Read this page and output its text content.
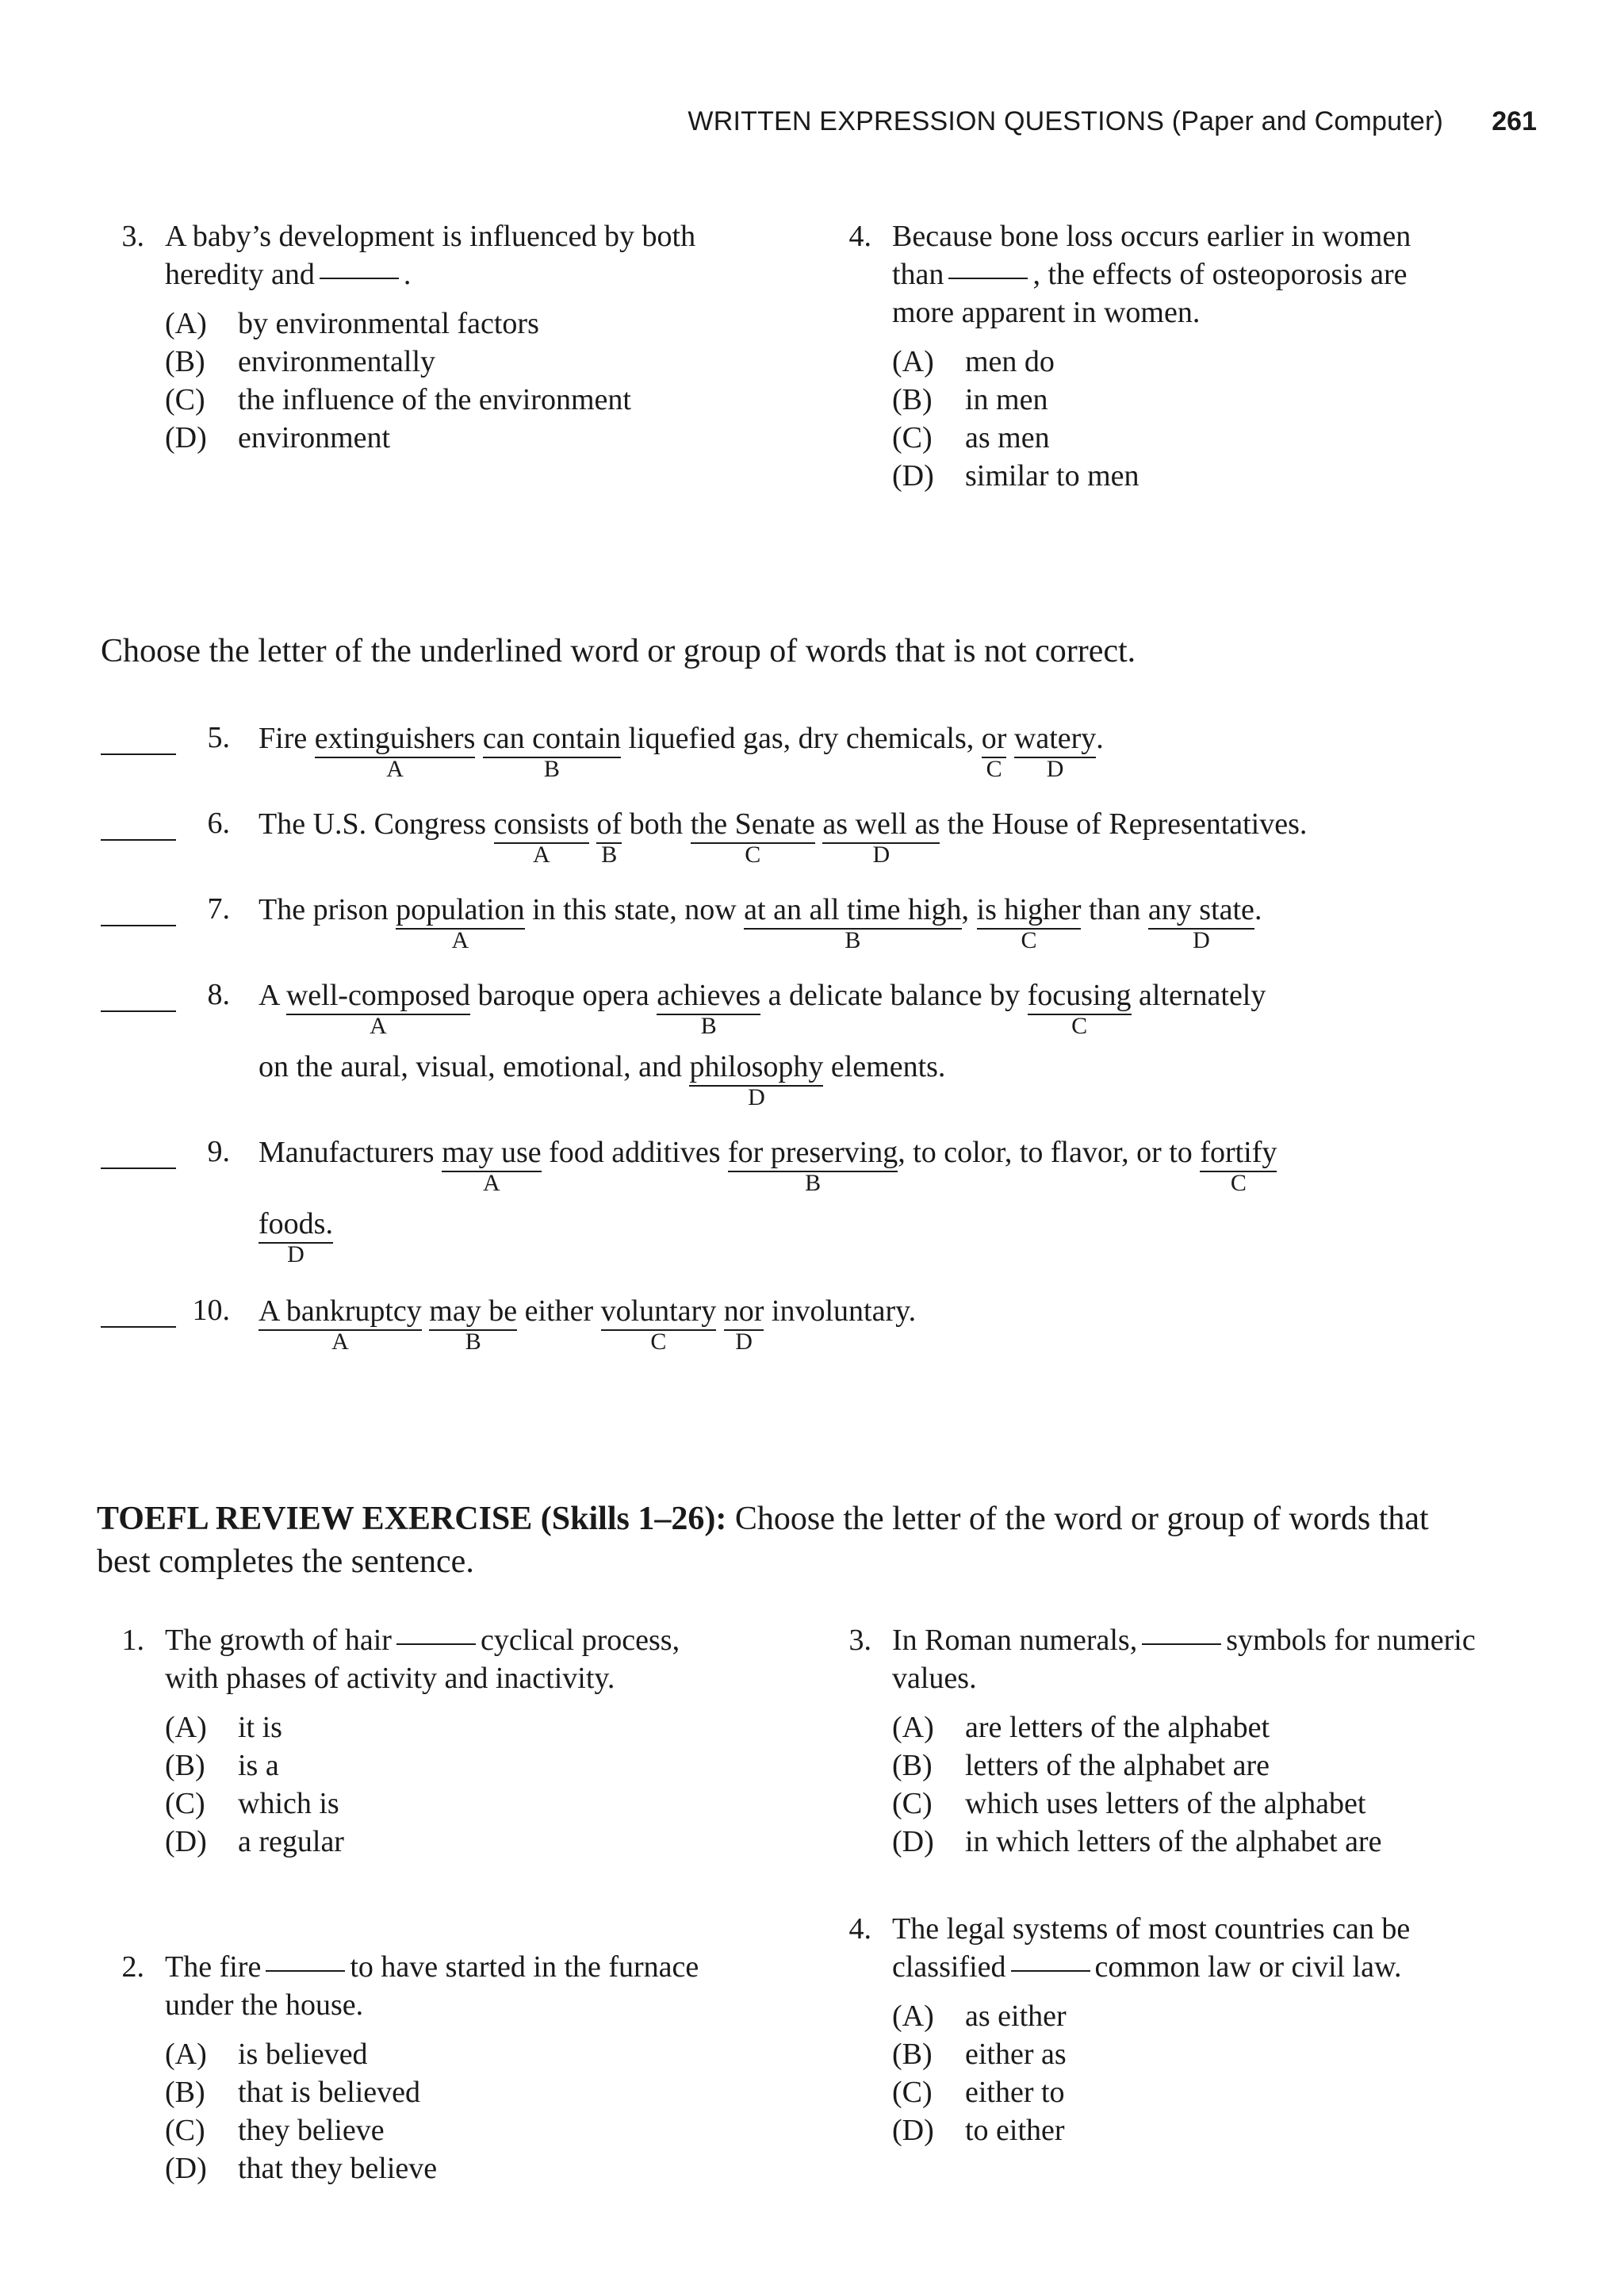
WRITTEN EXPRESSION QUESTIONS (Paper and Computer) 261
3. A baby’s development is influenced by both heredity and	.
(A)	by environmental factors
(B)	environmentally
(C)	the influence of the environment
(D)	environment
4. Because bone loss occurs earlier in women than	, the effects of osteoporosis are more apparent in women.
(A)	men do
(B)	in men
(C)	as men
(D)	similar to men
Choose the letter of the underlined word or group of words that is not correct.
5. Fire extinguishers
A
can contain
B
liquefied gas, dry chemicals, or
C
watery
D
.
6. The U.S. Congress consists
A
of
B
both the Senate
C
as well as
D
the House of Representatives.
7. The prison population
A
in this state, now at an all time high
B
, is higher
C
than any state
D
.
8. A well-composed
A
baroque opera achieves
B
a delicate balance by focusing
C
alternately
on the aural, visual, emotional, and philosophy
D
elements.
9. Manufacturers may use
A
food additives for preserving
B
, to color, to flavor, or to fortify
C
foods.
D
10. A bankruptcy
A
may be
B
either voluntary
C
nor
D
involuntary.
TOEFL REVIEW EXERCISE (Skills 1–26): Choose the letter of the word or group of words that best completes the sentence.
1. The growth of hair	cyclical process, with phases of activity and inactivity.
(A)	it is
(B)	is a
(C)	which is
(D)	a regular
2. The fire	to have started in the furnace under the house.
(A)	is believed
(B)	that is believed
(C)	they believe
(D)	that they believe
3. In Roman numerals,	symbols for numeric values.
(A)	are letters of the alphabet
(B)	letters of the alphabet are
(C)	which uses letters of the alphabet
(D)	in which letters of the alphabet are
4. The legal systems of most countries can be classified	common law or civil law.
(A)	as either
(B)	either as
(C)	either to
(D)	to either
